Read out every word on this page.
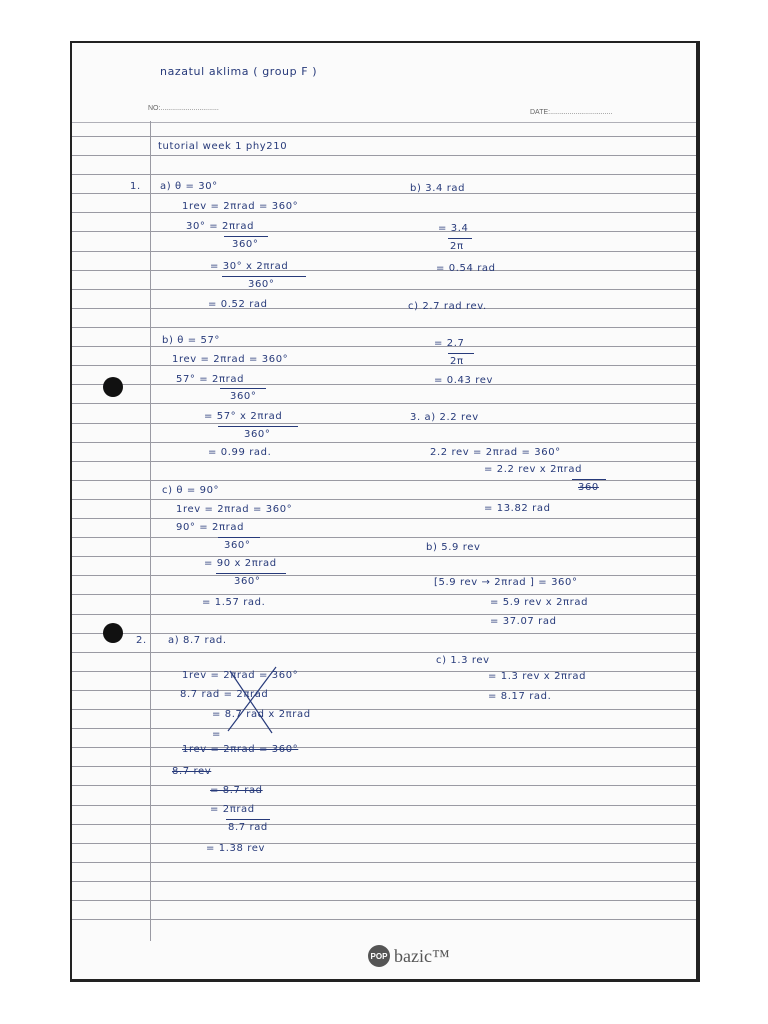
nazatul aklima ( group F )
NO:..............................
DATE:................................
tutorial week 1 phy210
1.
2.
a) θ = 30°
1rev = 2πrad = 360°
30° = 2πrad
360°
= 30° x 2πrad
360°
= 0.52 rad
b) θ = 57°
1rev = 2πrad = 360°
57° = 2πrad
360°
= 57° x 2πrad
360°
= 0.99 rad.
c) θ = 90°
1rev = 2πrad = 360°
90° = 2πrad
360°
= 90 x 2πrad
360°
= 1.57 rad.
a) 8.7 rad.
1rev = 2πrad = 360°
8.7 rad = 2πrad
= 8.7 rad x 2πrad
=
1rev = 2πrad = 360°
8.7 rev
= 8.7 rad
= 2πrad
8.7 rad
= 1.38 rev
b) 3.4 rad
= 3.4
2π
= 0.54 rad
c) 2.7 rad rev.
= 2.7
2π
= 0.43 rev
3. a) 2.2 rev
2.2 rev = 2πrad = 360°
= 2.2 rev x 2πrad
360
= 13.82 rad
b) 5.9 rev
[5.9 rev → 2πrad ] = 360°
= 5.9 rev x 2πrad
= 37.07 rad
c) 1.3 rev
= 1.3 rev x 2πrad
= 8.17 rad.
POP bazic™
